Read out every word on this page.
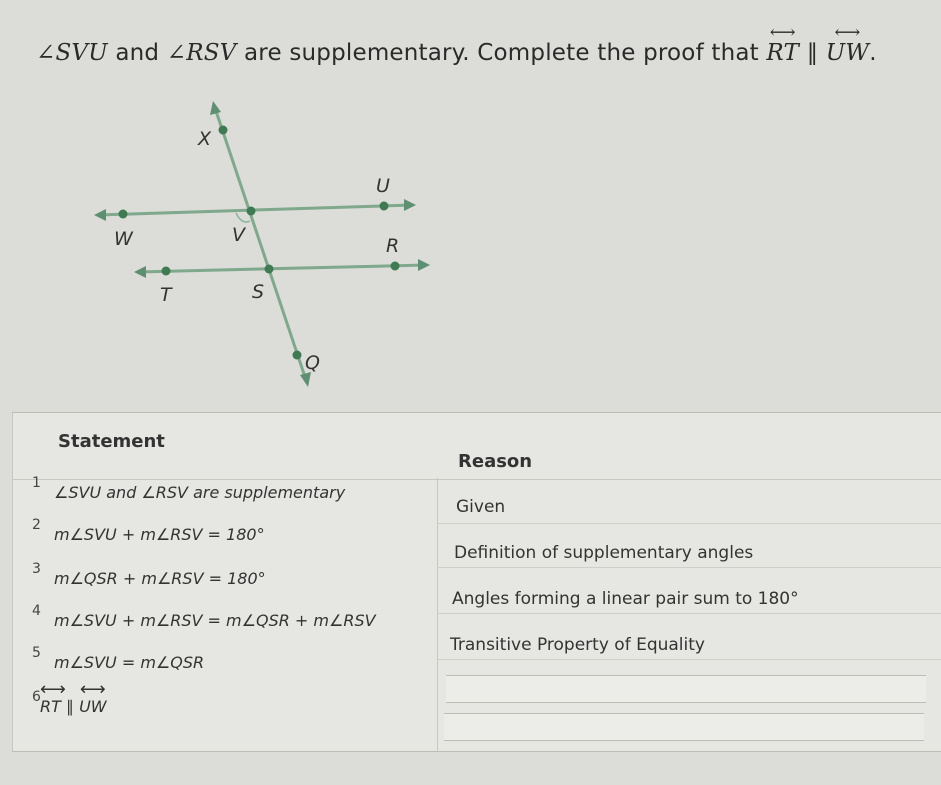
∠SVU and ∠RSV are supplementary. Complete the proof that ⟷ RT ∥ ⟷ UW.
X
U
W	V	R
T	S
Q
Statement
Reason
1 ∠SVU and ∠RSV are supplementary
Given
2 m∠SVU + m∠RSV = 180°
Definition of supplementary angles
3 m∠QSR + m∠RSV = 180°
Angles forming a linear pair sum to 180°
4 m∠SVU + m∠RSV = m∠QSR + m∠RSV
Transitive Property of Equality
5 m∠SVU = m∠QSR
6
⟷ RT ∥ ⟷ UW
